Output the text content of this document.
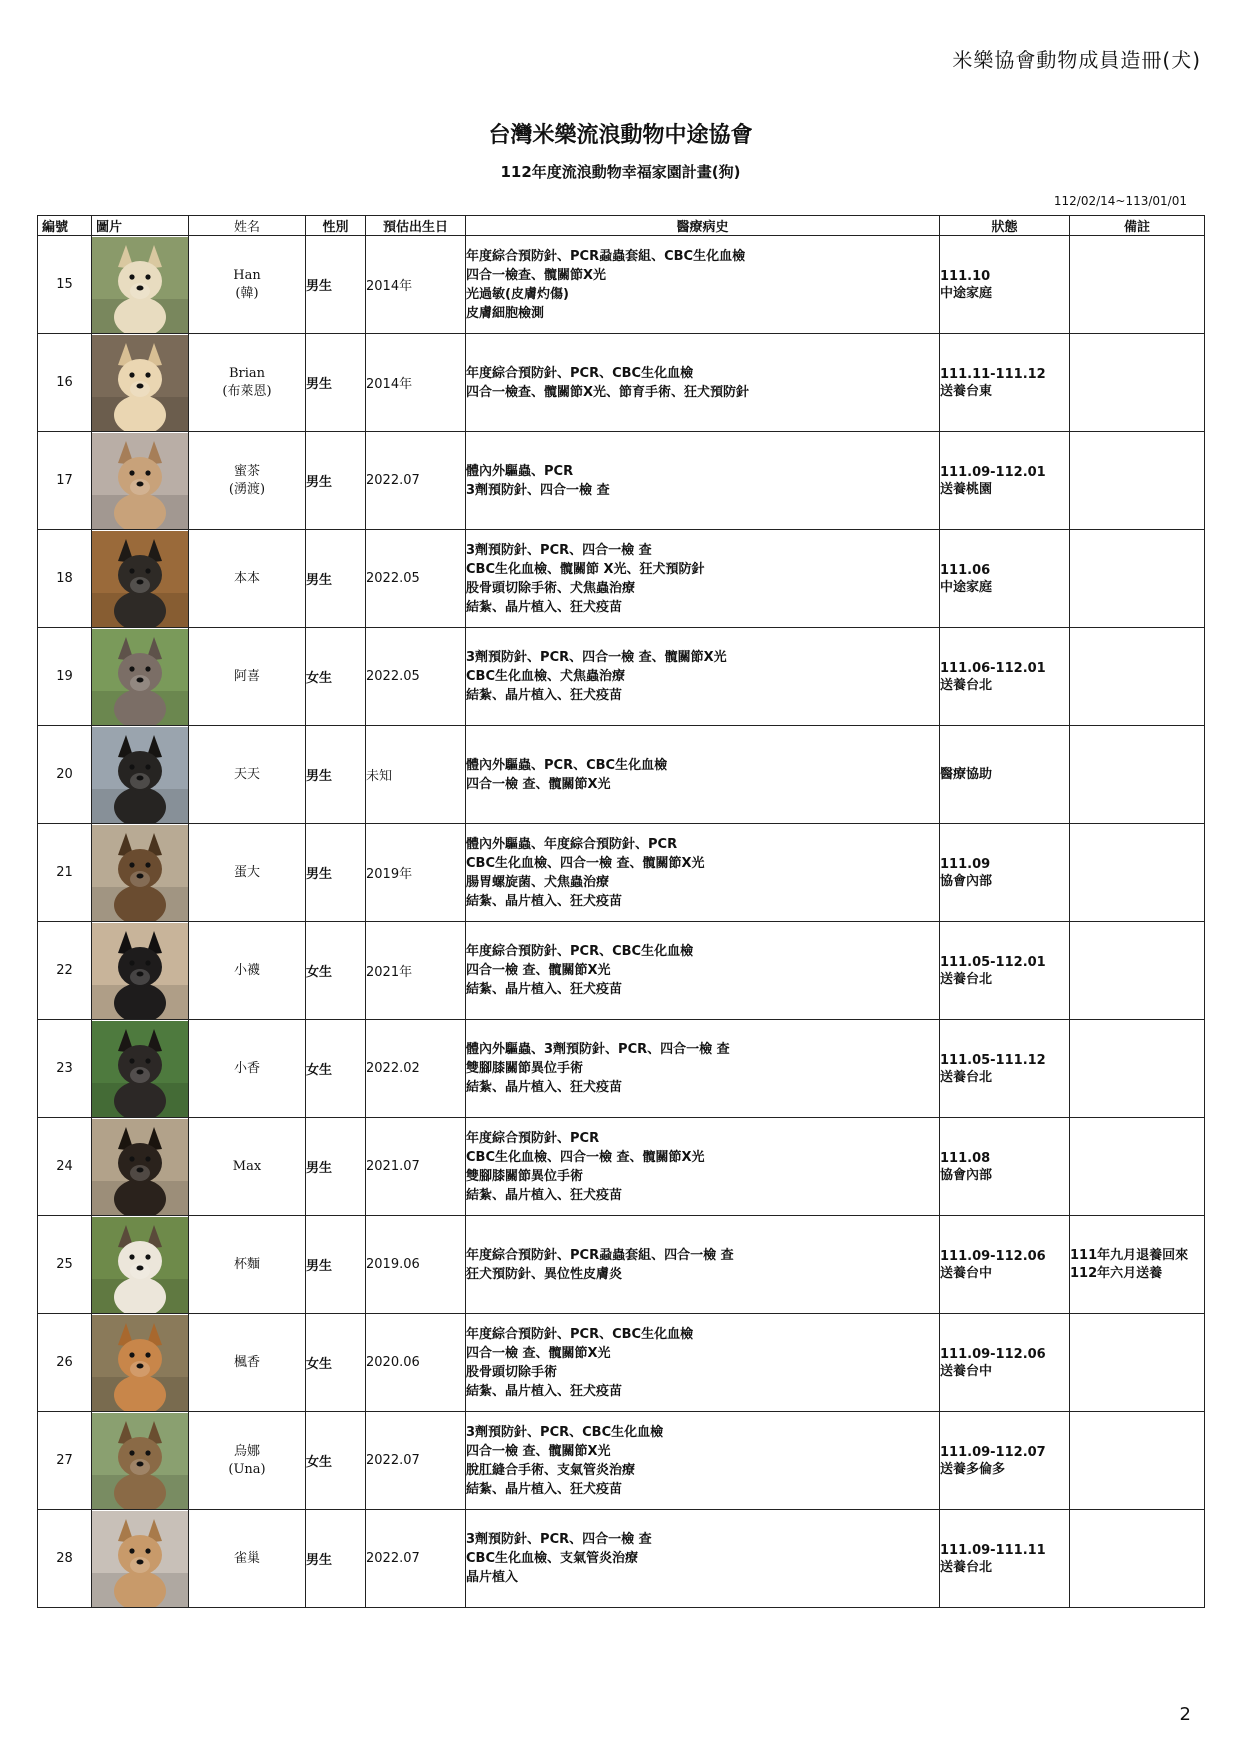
米樂協會動物成員造冊(犬)
台灣米樂流浪動物中途協會
112年度流浪動物幸福家園計畫(狗)
112/02/14~113/01/01
編號	圖片	姓名	性別	預估出生日	醫療病史	狀態	備註
15		Han
(韓)	男生	2014年	年度綜合預防針、PCR蝨蟲套組、CBC生化血檢
四合一檢查、髖關節X光
光過敏(皮膚灼傷)
皮膚細胞檢測	111.10
中途家庭	

16		Brian
(布萊恩)	男生	2014年	年度綜合預防針、PCR、CBC生化血檢
四合一檢查、髖關節X光、節育手術、狂犬預防針	111.11-111.12
送養台東	

17		蜜茶
(湧渡)	男生	2022.07	體內外驅蟲、PCR
3劑預防針、四合一檢 查	111.09-112.01
送養桃園	

18		本本	男生	2022.05	3劑預防針、PCR、四合一檢 查
CBC生化血檢、髖關節 X光、狂犬預防針
股骨頭切除手術、犬焦蟲治療
結紮、晶片植入、狂犬疫苗	111.06
中途家庭	

19		阿喜	女生	2022.05	3劑預防針、PCR、四合一檢 查、髖關節X光
CBC生化血檢、犬焦蟲治療
結紮、晶片植入、狂犬疫苗	111.06-112.01
送養台北	

20		天天	男生	未知	體內外驅蟲、PCR、CBC生化血檢
四合一檢 查、髖關節X光	醫療協助	

21		蛋大	男生	2019年	體內外驅蟲、年度綜合預防針、PCR
CBC生化血檢、四合一檢 查、髖關節X光
腸胃螺旋菌、犬焦蟲治療
結紮、晶片植入、狂犬疫苗	111.09
協會內部	

22		小襪	女生	2021年	年度綜合預防針、PCR、CBC生化血檢
四合一檢 查、髖關節X光
結紮、晶片植入、狂犬疫苗	111.05-112.01
送養台北	

23		小香	女生	2022.02	體內外驅蟲、3劑預防針、PCR、四合一檢 查
雙腳膝關節異位手術
結紮、晶片植入、狂犬疫苗	111.05-111.12
送養台北	

24		Max	男生	2021.07	年度綜合預防針、PCR
CBC生化血檢、四合一檢 查、髖關節X光
雙腳膝關節異位手術
結紮、晶片植入、狂犬疫苗	111.08
協會內部	

25		杯麵	男生	2019.06	年度綜合預防針、PCR蝨蟲套組、四合一檢 查
狂犬預防針、異位性皮膚炎	111.09-112.06
送養台中	111年九月退養回來
112年六月送養

26		楓香	女生	2020.06	年度綜合預防針、PCR、CBC生化血檢
四合一檢 查、髖關節X光
股骨頭切除手術
結紮、晶片植入、狂犬疫苗	111.09-112.06
送養台中	

27		烏娜
(Una)	女生	2022.07	3劑預防針、PCR、CBC生化血檢
四合一檢 查、髖關節X光
脫肛縫合手術、支氣管炎治療
結紮、晶片植入、狂犬疫苗	111.09-112.07
送養多倫多	

28		雀巢	男生	2022.07	3劑預防針、PCR、四合一檢 查
CBC生化血檢、支氣管炎治療
晶片植入	111.09-111.11
送養台北	

2
